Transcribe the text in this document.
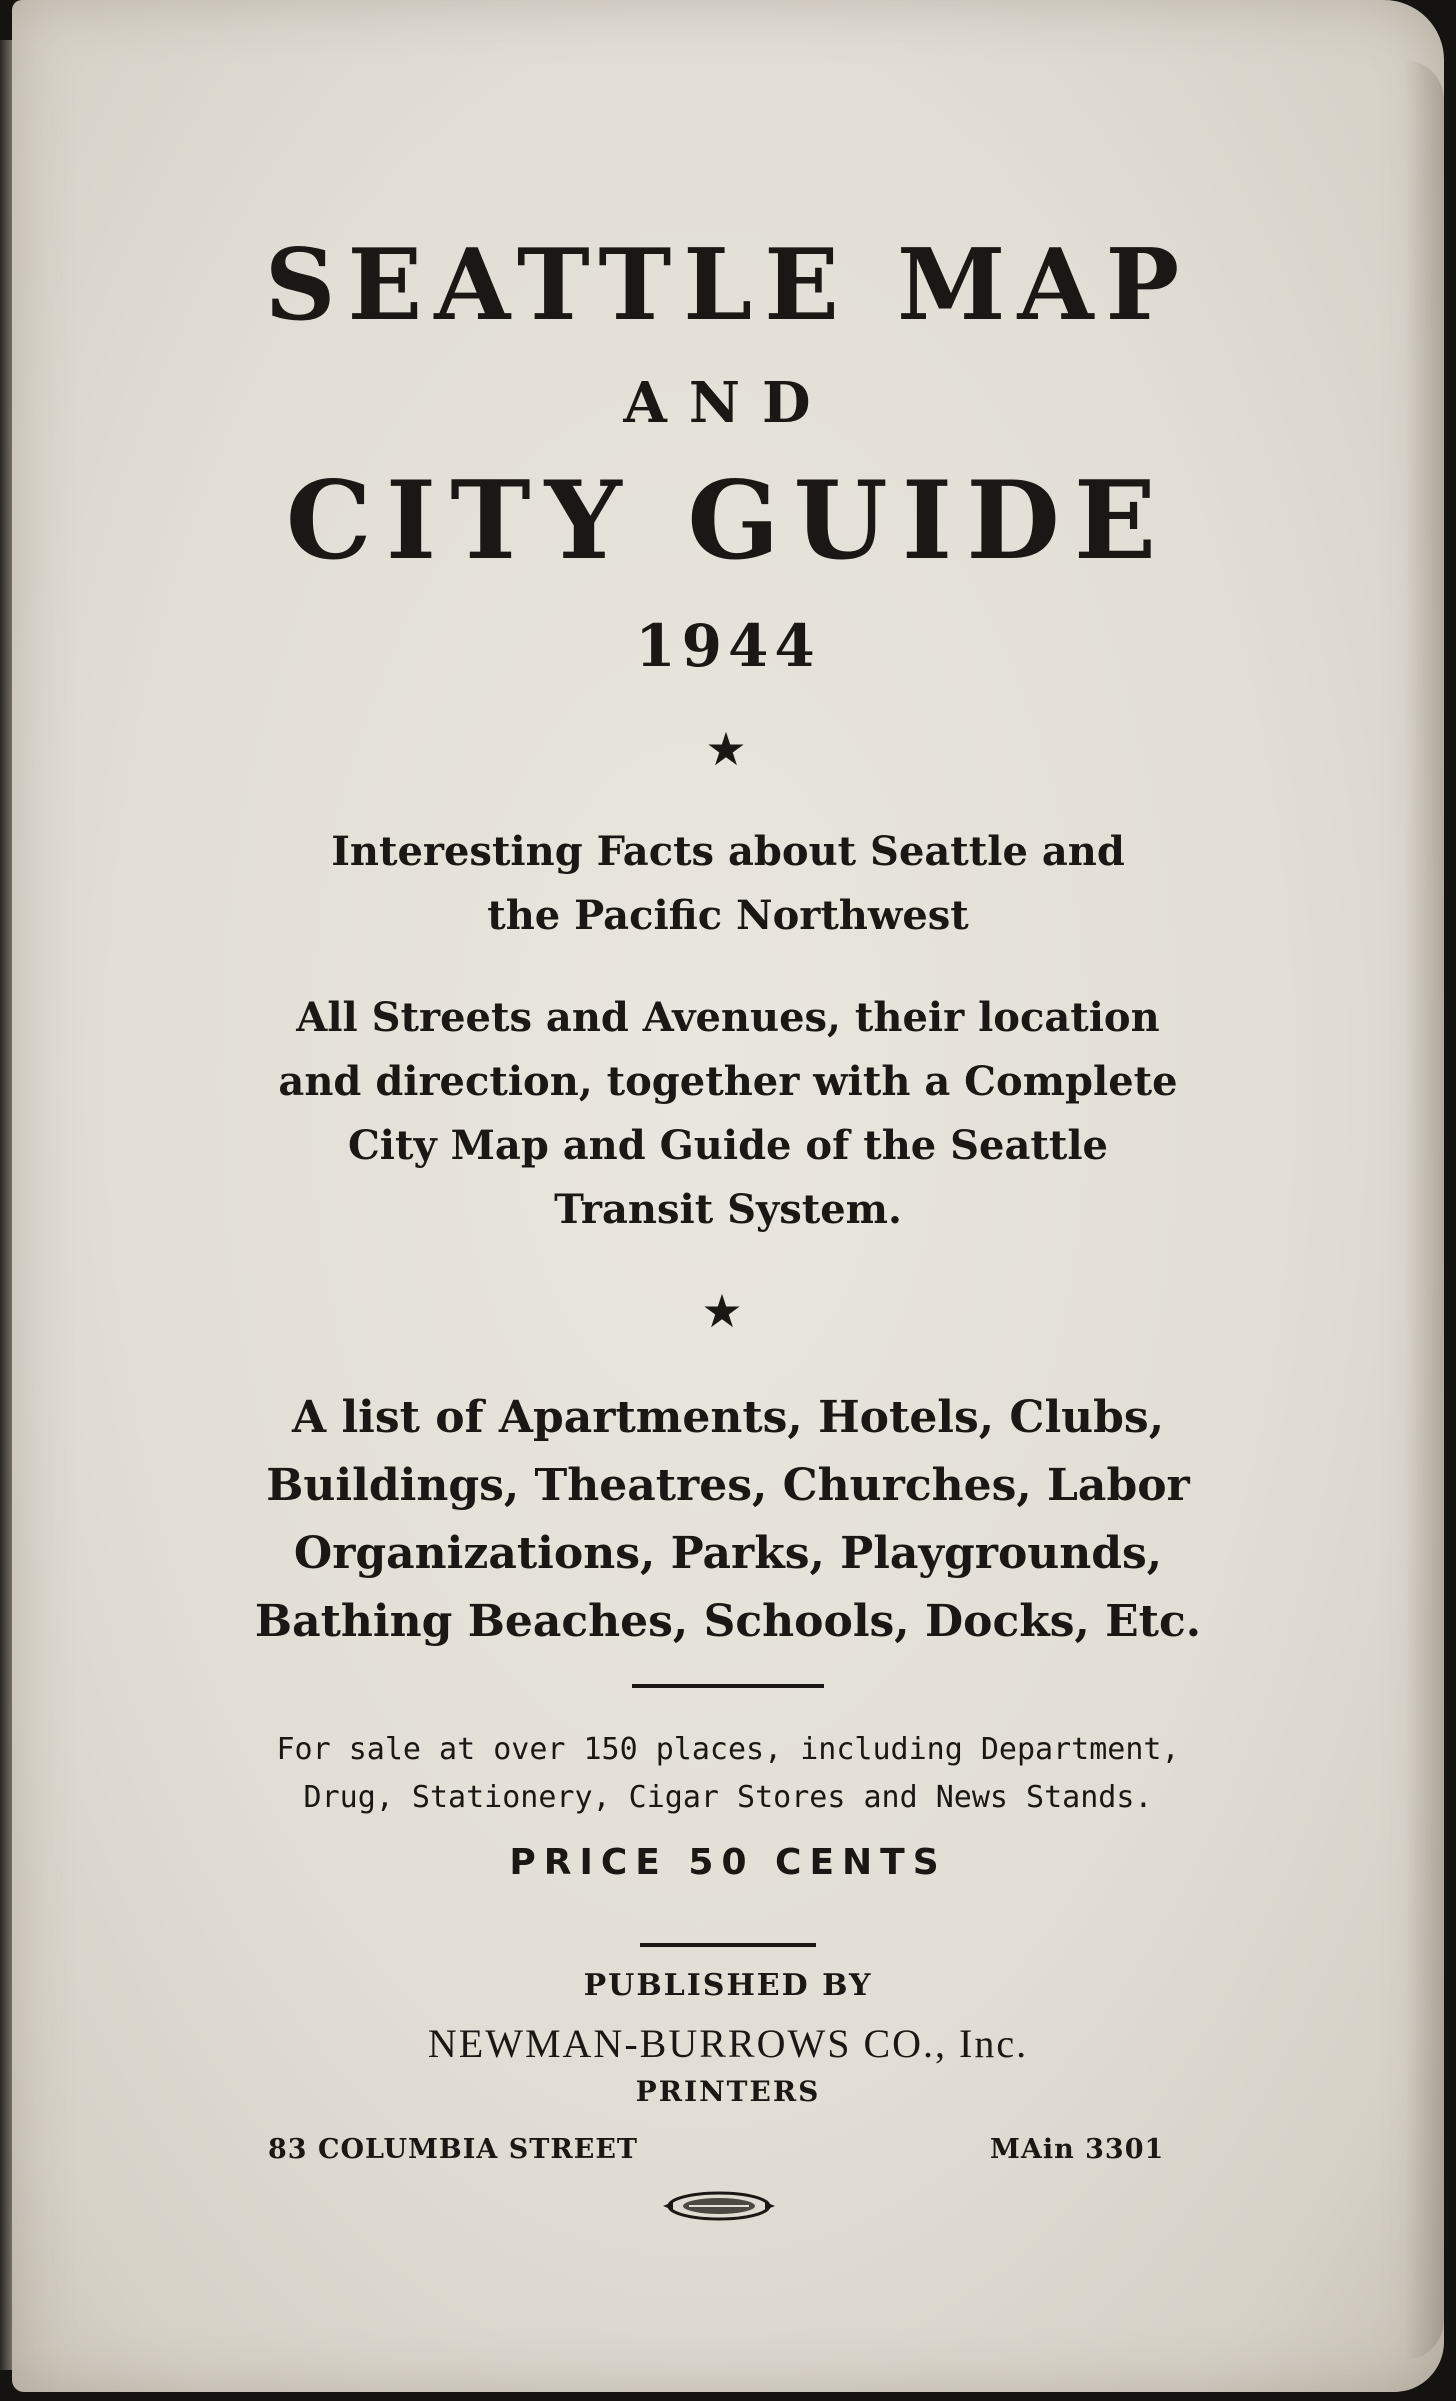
SEATTLE MAP

AND

CITY GUIDE

1944

★

Interesting Facts about Seattle and
the Pacific Northwest
All Streets and Avenues, their location
and direction, together with a Complete
City Map and Guide of the Seattle
Transit System.

★

A list of Apartments, Hotels, Clubs,
Buildings, Theatres, Churches, Labor
Organizations, Parks, Playgrounds,
Bathing Beaches, Schools, Docks, Etc.
For sale at over 150 places, including Department,
Drug, Stationery, Cigar Stores and News Stands.

PRICE 50 CENTS

PUBLISHED BY

NEWMAN-BURROWS CO., Inc.

PRINTERS

83 COLUMBIA STREET	MAin 3301
